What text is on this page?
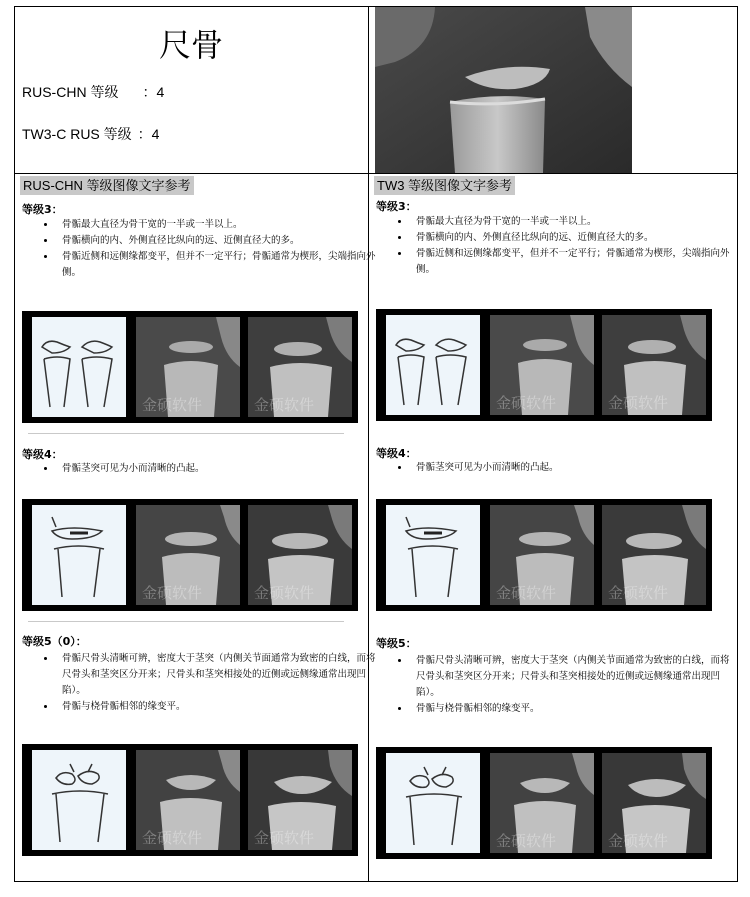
尺骨
RUS-CHN 等级 ：4
TW3-C RUS 等级 ：4
RUS-CHN 等级图像文字参考
等级3：
• 骨骺最大直径为骨干宽的一半或一半以上。
• 骨骺横向的内、外侧直径比纵向的远、近侧直径大的多。
• 骨骺近侧和远侧缘都变平，但并不一定平行；骨骺通常为楔形，尖端指向外侧。
金硕软件	金硕软件
等级4：
• 骨骺茎突可见为小而清晰的凸起。
金硕软件	金硕软件
等级5（0）：
• 骨骺尺骨头清晰可辨，密度大于茎突（内侧关节面通常为致密的白线，而将尺骨头和茎突区分开来；尺骨头和茎突相接处的近侧或远侧缘通常出现凹陷）。
• 骨骺与桡骨骺相邻的缘变平。
金硕软件	金硕软件
TW3 等级图像文字参考
等级3：
• 骨骺最大直径为骨干宽的一半或一半以上。
• 骨骺横向的内、外侧直径比纵向的远、近侧直径大的多。
• 骨骺近侧和远侧缘都变平，但并不一定平行；骨骺通常为楔形，尖端指向外侧。
金硕软件	金硕软件
等级4：
• 骨骺茎突可见为小而清晰的凸起。
金硕软件	金硕软件
等级5：
• 骨骺尺骨头清晰可辨，密度大于茎突（内侧关节面通常为致密的白线，而将尺骨头和茎突区分开来；尺骨头和茎突相接处的近侧或远侧缘通常出现凹陷）。
• 骨骺与桡骨骺相邻的缘变平。
金硕软件	金硕软件
